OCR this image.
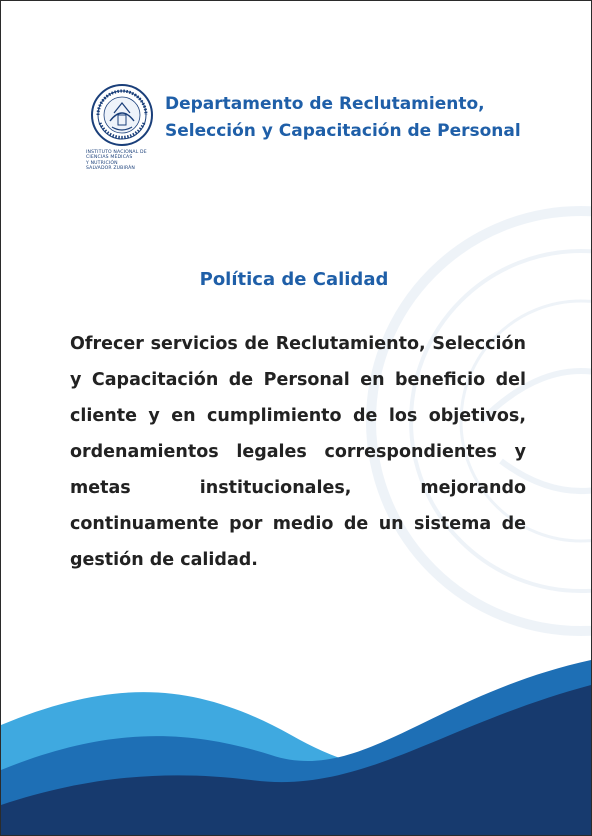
INSTITUTO NACIONAL DE
CIENCIAS MÉDICAS
Y NUTRICIÓN
SALVADOR ZUBIRÁN
Departamento de Reclutamiento, Selección y Capacitación de Personal
Política de Calidad
Ofrecer servicios de Reclutamiento, Selección y Capacitación de Personal en beneficio del cliente y en cumplimiento de los objetivos, ordenamientos legales correspondientes y metas institucionales, mejorando continuamente por medio de un sistema de gestión de calidad.
